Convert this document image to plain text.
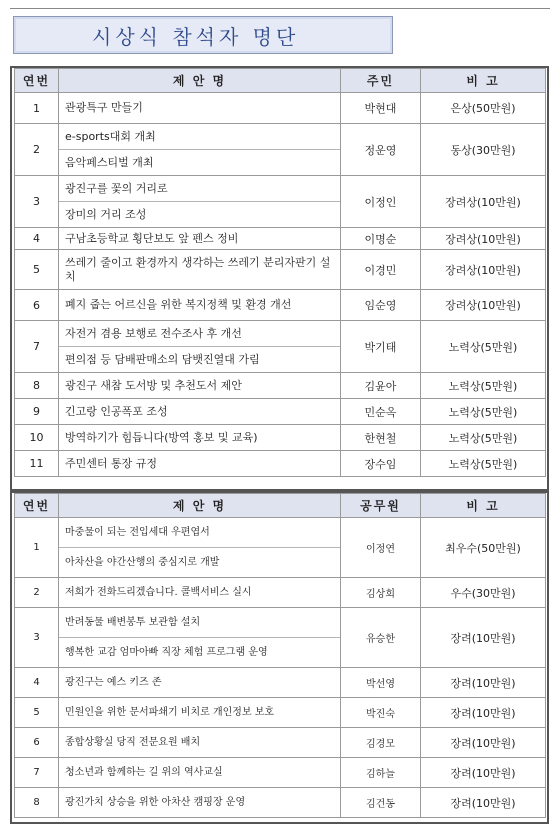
시상식 참석자 명단
연번	제 안 명	주민	비 고
1	관광특구 만들기	박현대	은상(50만원)
2	e-sports대회 개최
음악페스티벌 개최	정운영	동상(30만원)
3	광진구를 꽃의 거리로
장미의 거리 조성	이정인	장려상(10만원)
4	구남초등학교 횡단보도 앞 펜스 정비	이명순	장려상(10만원)
5	쓰레기 줄이고 환경까지 생각하는 쓰레기 분리자판기 설치	이경민	장려상(10만원)
6	폐지 줍는 어르신을 위한 복지정책 및 환경 개선	임순영	장려상(10만원)
7	자전거 겸용 보행로 전수조사 후 개선
편의점 등 담배판매소의 담뱃진열대 가림	박기태	노력상(5만원)
8	광진구 새참 도서방 및 추천도서 제안	김윤아	노력상(5만원)
9	긴고랑 인공폭포 조성	민순옥	노력상(5만원)
10	방역하기가 힘듭니다(방역 홍보 및 교육)	한현철	노력상(5만원)
11	주민센터 통장 규정	장수임	노력상(5만원)
연번	제 안 명	공무원	비 고
1	마중물이 되는 전입세대 우편엽서
아차산을 야간산행의 중심지로 개발	이정연	최우수(50만원)
2	저희가 전화드리겠습니다. 콜백서비스 실시	김상희	우수(30만원)
3	반려동물 배변봉투 보관함 설치
행복한 교감 엄마아빠 직장 체험 프로그램 운영	유승한	장려(10만원)
4	광진구는 예스 키즈 존	박선영	장려(10만원)
5	민원인을 위한 문서파쇄기 비치로 개인정보 보호	박진숙	장려(10만원)
6	종합상황실 당직 전문요원 배치	김경모	장려(10만원)
7	청소년과 함께하는 길 위의 역사교실	김하늘	장려(10만원)
8	광진가치 상승을 위한 아차산 캠핑장 운영	김건동	장려(10만원)
